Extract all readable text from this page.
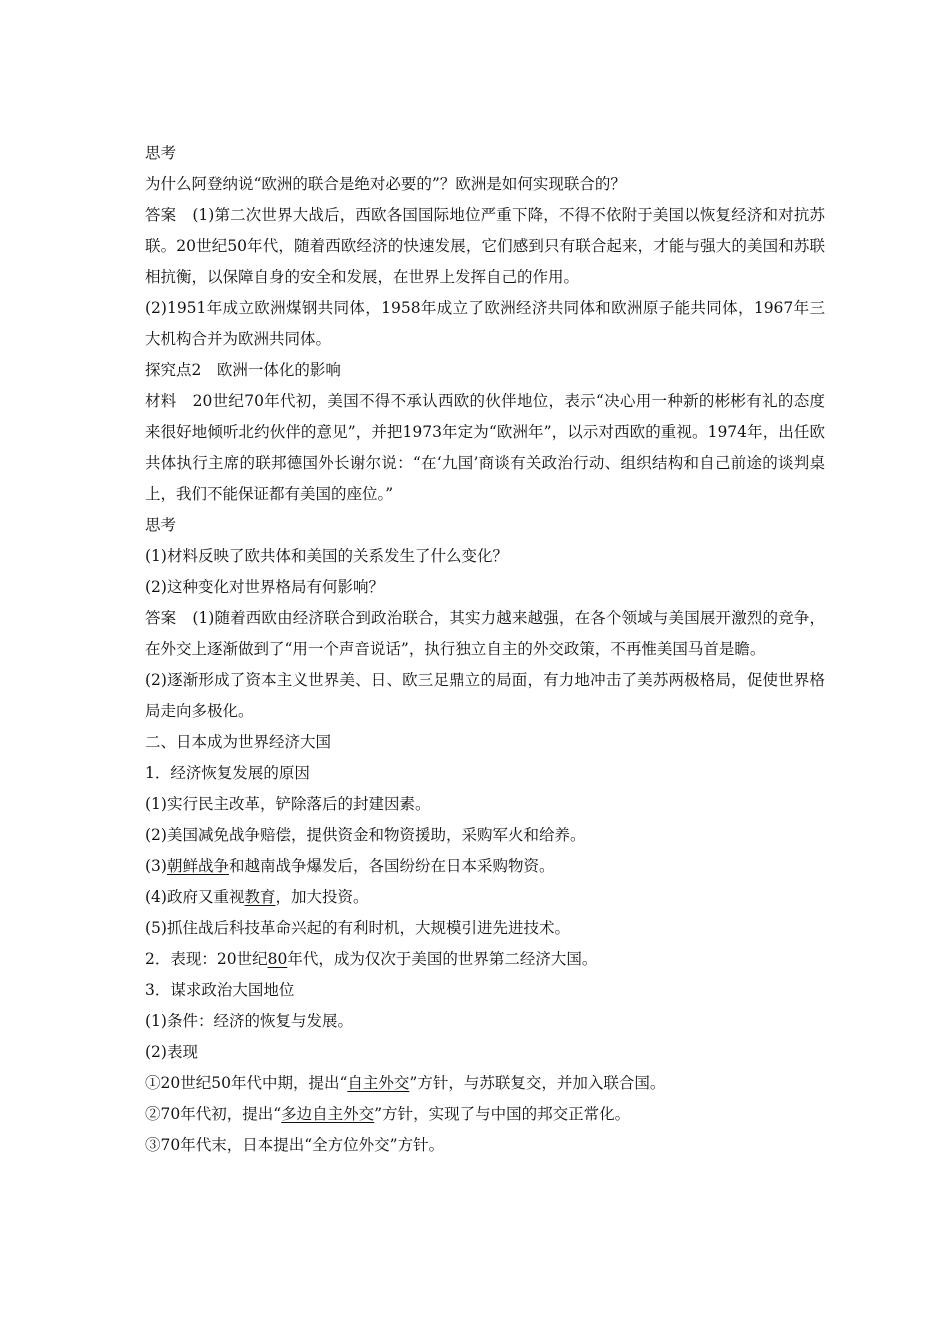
思考
为什么阿登纳说“欧洲的联合是绝对必要的”？欧洲是如何实现联合的？
答案 (1)第二次世界大战后，西欧各国国际地位严重下降，不得不依附于美国以恢复经济和对抗苏联。20世纪50年代，随着西欧经济的快速发展，它们感到只有联合起来，才能与强大的美国和苏联相抗衡，以保障自身的安全和发展，在世界上发挥自己的作用。
(2)1951年成立欧洲煤钢共同体，1958年成立了欧洲经济共同体和欧洲原子能共同体，1967年三大机构合并为欧洲共同体。
探究点2　欧洲一体化的影响
材料 20世纪70年代初，美国不得不承认西欧的伙伴地位，表示“决心用一种新的彬彬有礼的态度来很好地倾听北约伙伴的意见”，并把1973年定为“欧洲年”，以示对西欧的重视。1974年，出任欧共体执行主席的联邦德国外长谢尔说：“在‘九国’商谈有关政治行动、组织结构和自己前途的谈判桌上，我们不能保证都有美国的座位。”
思考
(1)材料反映了欧共体和美国的关系发生了什么变化？
(2)这种变化对世界格局有何影响？
答案 (1)随着西欧由经济联合到政治联合，其实力越来越强，在各个领域与美国展开激烈的竞争，在外交上逐渐做到了“用一个声音说话”，执行独立自主的外交政策，不再惟美国马首是瞻。
(2)逐渐形成了资本主义世界美、日、欧三足鼎立的局面，有力地冲击了美苏两极格局，促使世界格局走向多极化。
二、日本成为世界经济大国
1．经济恢复发展的原因
(1)实行民主改革，铲除落后的封建因素。
(2)美国减免战争赔偿，提供资金和物资援助，采购军火和给养。
(3)朝鲜战争和越南战争爆发后，各国纷纷在日本采购物资。
(4)政府又重视教育，加大投资。
(5)抓住战后科技革命兴起的有利时机，大规模引进先进技术。
2．表现：20世纪80年代，成为仅次于美国的世界第二经济大国。
3．谋求政治大国地位
(1)条件：经济的恢复与发展。
(2)表现
①20世纪50年代中期，提出“自主外交”方针，与苏联复交，并加入联合国。
②70年代初，提出“多边自主外交”方针，实现了与中国的邦交正常化。
③70年代末，日本提出“全方位外交”方针。
